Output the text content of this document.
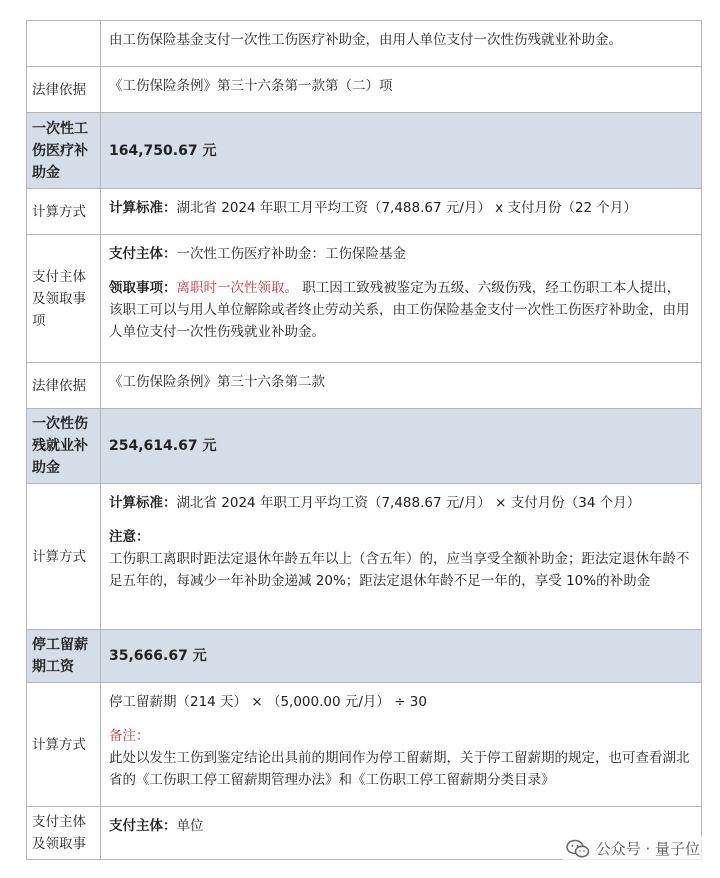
	由工伤保险基金支付一次性工伤医疗补助金，由用人单位支付一次性伤残就业补助金。
法律依据	《工伤保险条例》第三十六条第一款第（二）项
一次性工伤医疗补助金	164,750.67 元
计算方式	计算标准：湖北省 2024 年职工月平均工资（7,488.67 元/月） x 支付月份（22 个月）
支付主体及领取事项	支付主体：一次性工伤医疗补助金：工伤保险基金
领取事项：离职时一次性领取。 职工因工致残被鉴定为五级、六级伤残，经工伤职工本人提出，该职工可以与用人单位解除或者终止劳动关系，由工伤保险基金支付一次性工伤医疗补助金，由用人单位支付一次性伤残就业补助金。

法律依据	《工伤保险条例》第三十六条第二款
一次性伤残就业补助金	254,614.67 元
计算方式	计算标准：湖北省 2024 年职工月平均工资（7,488.67 元/月） × 支付月份（34 个月）
注意：
工伤职工离职时距法定退休年龄五年以上（含五年）的，应当享受全额补助金；距法定退休年龄不足五年的，每减少一年补助金递减 20%；距法定退休年龄不足一年的，享受 10%的补助金

停工留薪期工资	35,666.67 元
计算方式	停工留薪期（214 天） × （5,000.00 元/月） ÷ 30
备注：
此处以发生工伤到鉴定结论出具前的期间作为停工留薪期，关于停工留薪期的规定，也可查看湖北省的《工伤职工停工留薪期管理办法》和《工伤职工停工留薪期分类目录》

支付主体及领取事	支付主体：单位
公众号 · 量子位
